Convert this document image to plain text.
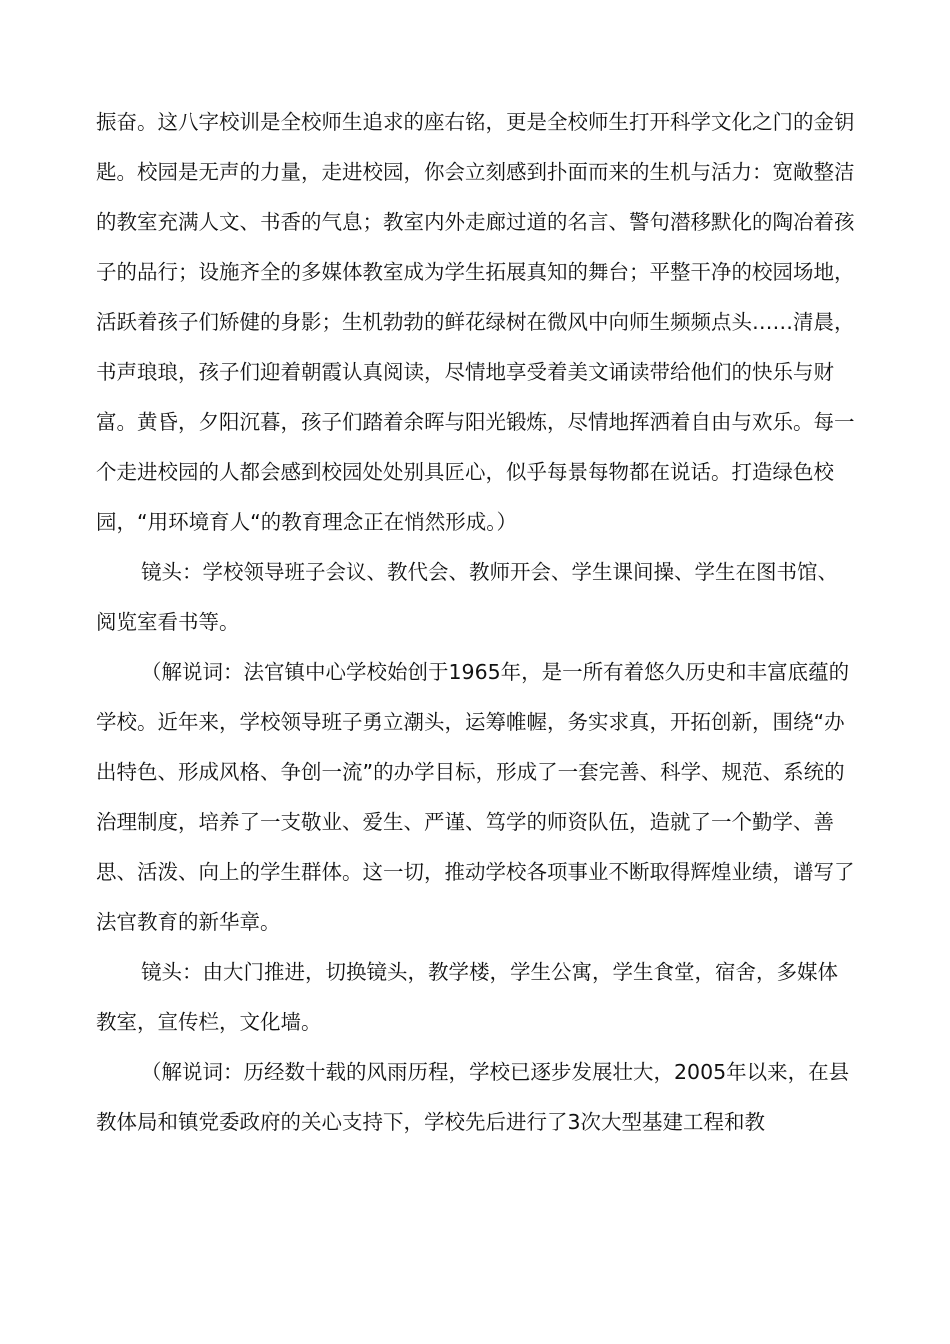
振奋。这八字校训是全校师生追求的座右铭，更是全校师生打开科学文化之门的金钥匙。校园是无声的力量，走进校园，你会立刻感到扑面而来的生机与活力：宽敞整洁的教室充满人文、书香的气息；教室内外走廊过道的名言、警句潜移默化的陶冶着孩子的品行；设施齐全的多媒体教室成为学生拓展真知的舞台；平整干净的校园场地，活跃着孩子们矫健的身影；生机勃勃的鲜花绿树在微风中向师生频频点头……清晨，书声琅琅，孩子们迎着朝霞认真阅读，尽情地享受着美文诵读带给他们的快乐与财富。黄昏，夕阳沉暮，孩子们踏着余晖与阳光锻炼，尽情地挥洒着自由与欢乐。每一个走进校园的人都会感到校园处处别具匠心，似乎每景每物都在说话。打造绿色校园，“用环境育人“的教育理念正在悄然形成。）

镜头：学校领导班子会议、教代会、教师开会、学生课间操、学生在图书馆、阅览室看书等。

（解说词：法官镇中心学校始创于1965年，是一所有着悠久历史和丰富底蕴的学校。近年来，学校领导班子勇立潮头，运筹帷幄，务实求真，开拓创新，围绕“办出特色、形成风格、争创一流”的办学目标，形成了一套完善、科学、规范、系统的治理制度，培养了一支敬业、爱生、严谨、笃学的师资队伍，造就了一个勤学、善思、活泼、向上的学生群体。这一切，推动学校各项事业不断取得辉煌业绩，谱写了法官教育的新华章。

镜头：由大门推进，切换镜头，教学楼，学生公寓，学生食堂，宿舍，多媒体教室，宣传栏，文化墙。

（解说词：历经数十载的风雨历程，学校已逐步发展壮大，2005年以来，在县教体局和镇党委政府的关心支持下，学校先后进行了3次大型基建工程和教
